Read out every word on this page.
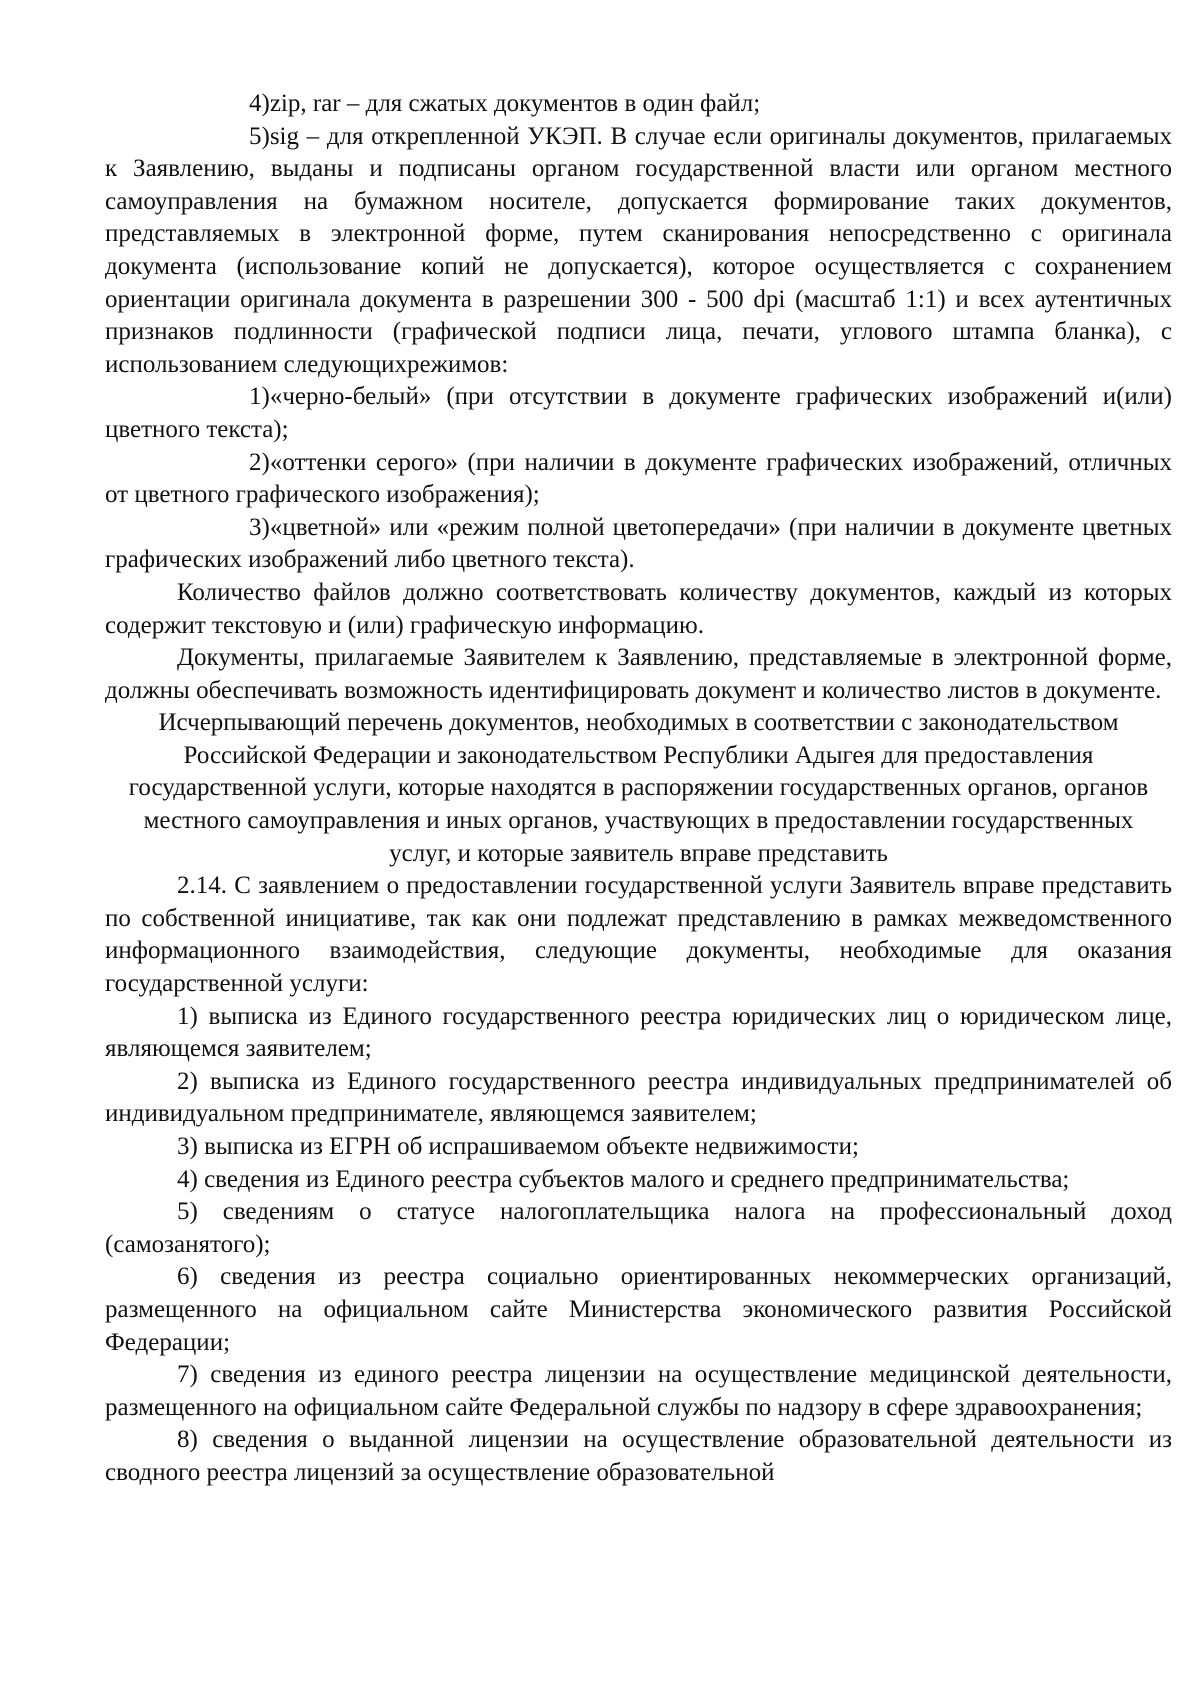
4)zip, rar – для сжатых документов в один файл;

5)sig – для открепленной УКЭП. В случае если оригиналы документов, прилагаемых к Заявлению, выданы и подписаны органом государственной власти или органом местного самоуправления на бумажном носителе, допускается формирование таких документов, представляемых в электронной форме, путем сканирования непосредственно с оригинала документа (использование копий не допускается), которое осуществляется с сохранением ориентации оригинала документа в разрешении 300 - 500 dpi (масштаб 1:1) и всех аутентичных признаков подлинности (графической подписи лица, печати, углового штампа бланка), с использованием следующихрежимов:

1)«черно-белый» (при отсутствии в документе графических изображений и(или) цветного текста);

2)«оттенки серого» (при наличии в документе графических изображений, отличных от цветного графического изображения);

3)«цветной» или «режим полной цветопередачи» (при наличии в документе цветных графических изображений либо цветного текста).

Количество файлов должно соответствовать количеству документов, каждый из которых содержит текстовую и (или) графическую информацию.

Документы, прилагаемые Заявителем к Заявлению, представляемые в электронной форме, должны обеспечивать возможность идентифицировать документ и количество листов в документе.

Исчерпывающий перечень документов, необходимых в соответствии с законодательством Российской Федерации и законодательством Республики Адыгея для предоставления государственной услуги, которые находятся в распоряжении государственных органов, органов местного самоуправления и иных органов, участвующих в предоставлении государственных услуг, и которые заявитель вправе представить

2.14. С заявлением о предоставлении государственной услуги Заявитель вправе представить по собственной инициативе, так как они подлежат представлению в рамках межведомственного информационного взаимодействия, следующие документы, необходимые для оказания государственной услуги:

1) выписка из Единого государственного реестра юридических лиц о юридическом лице, являющемся заявителем;

2) выписка из Единого государственного реестра индивидуальных предпринимателей об индивидуальном предпринимателе, являющемся заявителем;

3) выписка из ЕГРН об испрашиваемом объекте недвижимости;

4) сведения из Единого реестра субъектов малого и среднего предпринимательства;

5) сведениям о статусе налогоплательщика налога на профессиональный доход (самозанятого);

6) сведения из реестра социально ориентированных некоммерческих организаций, размещенного на официальном сайте Министерства экономического развития Российской Федерации;

7) сведения из единого реестра лицензии на осуществление медицинской деятельности, размещенного на официальном сайте Федеральной службы по надзору в сфере здравоохранения;

8) сведения о выданной лицензии на осуществление образовательной деятельности из сводного реестра лицензий за осуществление образовательной
